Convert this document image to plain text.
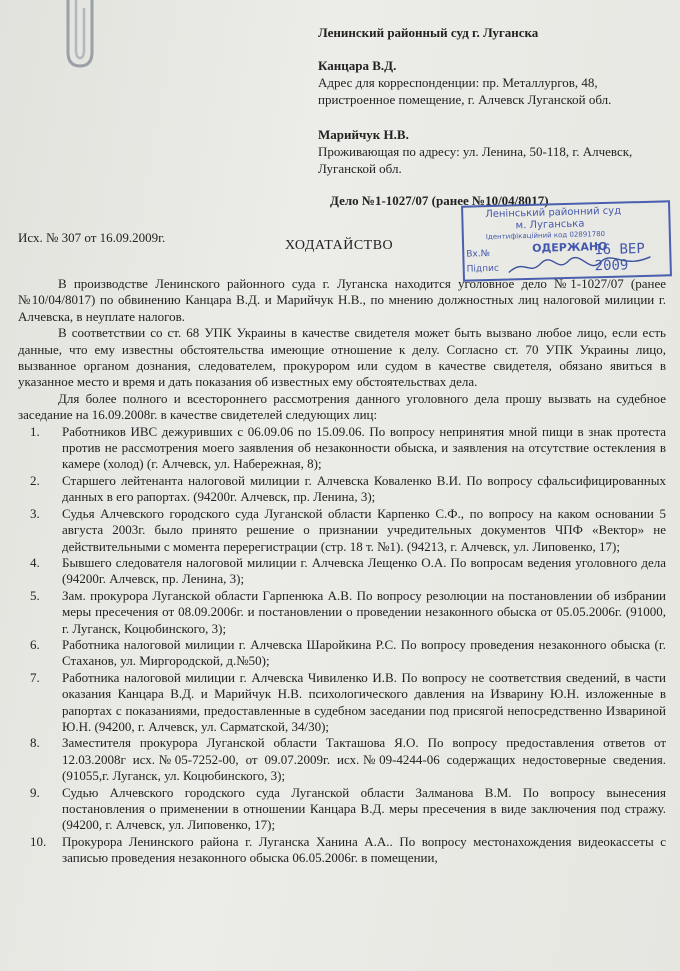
Ленинский районный суд г. Луганска
Канцара В.Д.
Адрес для корреспонденции: пр. Металлургов, 48, пристроенное помещение, г. Алчевск Луганской обл.
Марийчук Н.В.
Проживающая по адресу: ул. Ленина, 50-118, г. Алчевск, Луганской обл.
Дело №1-1027/07 (ранее №10/04/8017)
Исх. № 307 от 16.09.2009г.
ХОДАТАЙСТВО
Ленінський районний суд
м. Луганська
Ідентифікаційний код 02891780
ОДЕРЖАНО
Вх.№	16 ВЕР 2009
Підпис

В производстве Ленинского районного суда г. Луганска находится уголовное дело №1-1027/07 (ранее №10/04/8017) по обвинению Канцара В.Д. и Марийчук Н.В., по мнению должностных лиц налоговой милиции г. Алчевска, в неуплате налогов.

В соответствии со ст. 68 УПК Украины в качестве свидетеля может быть вызвано любое лицо, если есть данные, что ему известны обстоятельства имеющие отношение к делу. Согласно ст. 70 УПК Украины лицо, вызванное органом дознания, следователем, прокурором или судом в качестве свидетеля, обязано явиться в указанное место и время и дать показания об известных ему обстоятельствах дела.

Для более полного и всестороннего рассмотрения данного уголовного дела прошу вызвать на судебное заседание на 16.09.2008г. в качестве свидетелей следующих лиц:

1. Работников ИВС дежуривших с 06.09.06 по 15.09.06. По вопросу непринятия мной пищи в знак протеста против не рассмотрения моего заявления об незаконности обыска, и заявления на отсутствие остекления в камере (холод) (г. Алчевск, ул. Набережная, 8);
2. Старшего лейтенанта налоговой милиции г. Алчевска Коваленко В.И. По вопросу сфальсифицированных данных в его рапортах. (94200г. Алчевск, пр. Ленина, 3);
3. Судья Алчевского городского суда Луганской области Карпенко С.Ф., по вопросу на каком основании 5 августа 2003г. было принято решение о признании учредительных документов ЧПФ «Вектор» не действительными с момента перерегистрации (стр. 18 т. №1). (94213, г. Алчевск, ул. Липовенко, 17);
4. Бывшего следователя налоговой милиции г. Алчевска Лещенко О.А. По вопросам ведения уголовного дела (94200г. Алчевск, пр. Ленина, 3);
5. Зам. прокурора Луганской области Гарпенюка А.В. По вопросу резолюции на постановлении об избрании меры пресечения от 08.09.2006г. и постановлении о проведении незаконного обыска от 05.05.2006г. (91000, г. Луганск, Коцюбинского, 3);
6. Работника налоговой милиции г. Алчевска Шаройкина Р.С. По вопросу проведения незаконного обыска (г. Стаханов, ул. Миргородской, д.№50);
7. Работника налоговой милиции г. Алчевска Чивиленко И.В. По вопросу не соответствия сведений, в части оказания Канцара В.Д. и Марийчук Н.В. психологического давления на Изварину Ю.Н. изложенные в рапортах с показаниями, предоставленные в судебном заседании под присягой непосредственно Извариной Ю.Н. (94200, г. Алчевск, ул. Сарматской, 34/30);
8. Заместителя прокурора Луганской области Такташова Я.О. По вопросу предоставления ответов от 12.03.2008г исх.№05-7252-00, от 09.07.2009г. исх.№09-4244-06 содержащих недостоверные сведения. (91055,г. Луганск, ул. Коцюбинского, 3);
9. Судью Алчевского городского суда Луганской области Залманова В.М. По вопросу вынесения постановления о применении в отношении Канцара В.Д. меры пресечения в виде заключения под стражу. (94200, г. Алчевск, ул. Липовенко, 17);
10. Прокурора Ленинского района г. Луганска Ханина А.А.. По вопросу местонахождения видеокассеты с записью проведения незаконного обыска 06.05.2006г. в помещении,
